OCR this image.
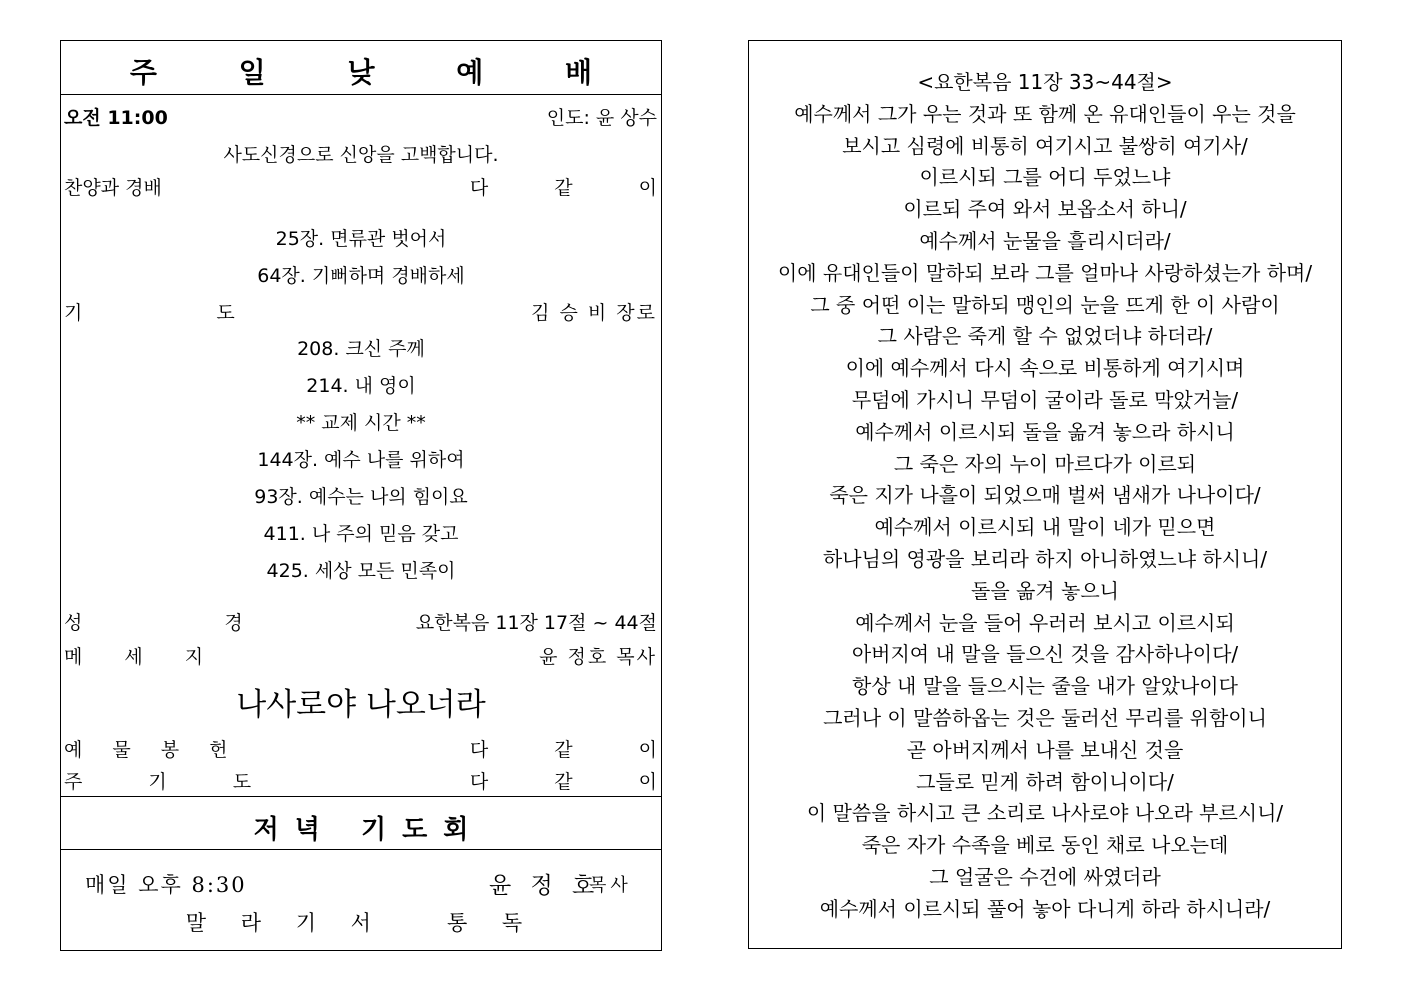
주 일 낮 예 배
오전 11:00	인도: 윤 상수
사도신경으로 신앙을 고백합니다.
찬양과 경배	다 같 이
25장. 면류관 벗어서
64장. 기뻐하며 경배하세
기 도	김 승 비 장로
208. 크신 주께
214. 내 영이
** 교제 시간 **
144장. 예수 나를 위하여
93장. 예수는 나의 힘이요
411. 나 주의 믿음 갖고
425. 세상 모든 민족이
성 경	요한복음 11장 17절 ~ 44절
메 세 지	윤 정호 목사
나사로야 나오너라
예 물 봉 헌	다 같 이
주 기 도	다 같 이
저녁 기도회
매일 오후 8:30	윤 정 호
목사
말 라 기 서   통 독
<요한복음 11장 33~44절>
예수께서 그가 우는 것과 또 함께 온 유대인들이 우는 것을
보시고 심령에 비통히 여기시고 불쌍히 여기사/
이르시되 그를 어디 두었느냐
이르되 주여 와서 보옵소서 하니/
예수께서 눈물을 흘리시더라/
이에 유대인들이 말하되 보라 그를 얼마나 사랑하셨는가 하며/
그 중 어떤 이는 말하되 맹인의 눈을 뜨게 한 이 사람이
그 사람은 죽게 할 수 없었더냐 하더라/
이에 예수께서 다시 속으로 비통하게 여기시며
무덤에 가시니 무덤이 굴이라 돌로 막았거늘/
예수께서 이르시되 돌을 옮겨 놓으라 하시니
그 죽은 자의 누이 마르다가 이르되
죽은 지가 나흘이 되었으매 벌써 냄새가 나나이다/
예수께서 이르시되 내 말이 네가 믿으면
하나님의 영광을 보리라 하지 아니하였느냐 하시니/
돌을 옮겨 놓으니
예수께서 눈을 들어 우러러 보시고 이르시되
아버지여 내 말을 들으신 것을 감사하나이다/
항상 내 말을 들으시는 줄을 내가 알았나이다
그러나 이 말씀하옵는 것은 둘러선 무리를 위함이니
곧 아버지께서 나를 보내신 것을
그들로 믿게 하려 함이니이다/
이 말씀을 하시고 큰 소리로 나사로야 나오라 부르시니/
죽은 자가 수족을 베로 동인 채로 나오는데
그 얼굴은 수건에 싸였더라
예수께서 이르시되 풀어 놓아 다니게 하라 하시니라/
